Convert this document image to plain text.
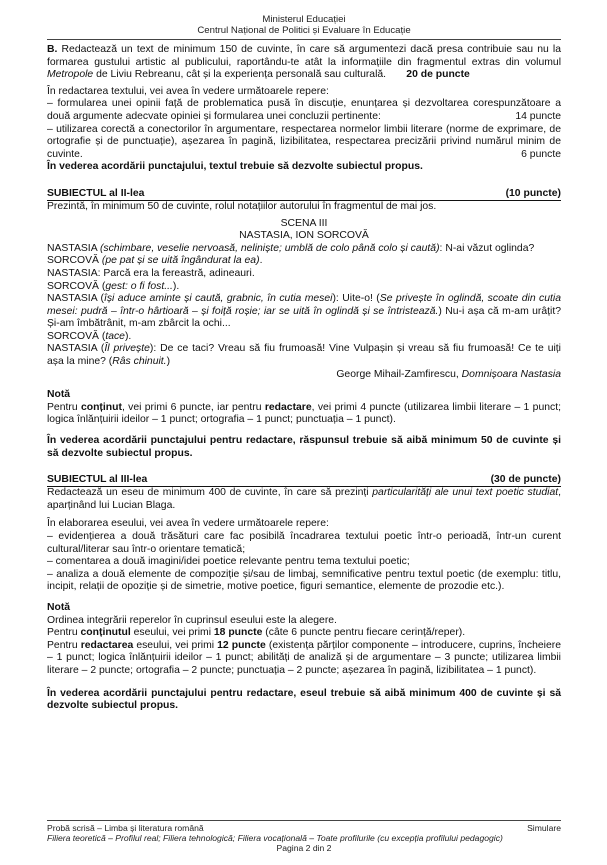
Ministerul Educației
Centrul Național de Politici și Evaluare în Educație

B. Redactează un text de minimum 150 de cuvinte, în care să argumentezi dacă presa contribuie sau nu la formarea gustului artistic al publicului, raportându-te atât la informațiile din fragmentul extras din volumul Metropole de Liviu Rebreanu, cât și la experiența personală sau culturală. 20 de puncte

În redactarea textului, vei avea în vedere următoarele repere:

– formularea unei opinii față de problematica pusă în discuție, enunțarea și dezvoltarea corespunzătoare a două argumente adecvate opiniei și formularea unei concluzii pertinente:	14 puncte

– utilizarea corectă a conectorilor în argumentare, respectarea normelor limbii literare (norme de exprimare, de ortografie și de punctuație), așezarea în pagină, lizibilitatea, respectarea precizării privind numărul minim de cuvinte.	6 puncte

În vederea acordării punctajului, textul trebuie să dezvolte subiectul propus.

SUBIECTUL al II-lea	(10 puncte)

Prezintă, în minimum 50 de cuvinte, rolul notațiilor autorului în fragmentul de mai jos.

SCENA III
NASTASIA, ION SORCOVĂ

NASTASIA (schimbare, veselie nervoasă, neliniște; umblă de colo până colo și caută): N-ai văzut oglinda?

SORCOVĂ (pe pat și se uită îngândurat la ea).

NASTASIA: Parcă era la fereastră, adineauri.

SORCOVĂ (gest: o fi fost...).

NASTASIA (își aduce aminte și caută, grabnic, în cutia mesei): Uite-o! (Se privește în oglindă, scoate din cutia mesei: pudră – într-o hârtioară – și foiță roșie; iar se uită în oglindă și se întristează.) Nu-i așa că m-am urâțit? Și-am îmbătrânit, m-am zbârcit la ochi...

SORCOVĂ (tace).

NASTASIA (Îl privește): De ce taci? Vreau să fiu frumoasă! Vine Vulpașin și vreau să fiu frumoasă! Ce te uiți așa la mine? (Râs chinuit.)

George Mihail-Zamfirescu, Domnișoara Nastasia
Notă

Pentru conținut, vei primi 6 puncte, iar pentru redactare, vei primi 4 puncte (utilizarea limbii literare – 1 punct; logica înlănțuirii ideilor – 1 punct; ortografia – 1 punct; punctuația – 1 punct).

În vederea acordării punctajului pentru redactare, răspunsul trebuie să aibă minimum 50 de cuvinte și să dezvolte subiectul propus.

SUBIECTUL al III-lea	(30 de puncte)

Redactează un eseu de minimum 400 de cuvinte, în care să prezinți particularități ale unui text poetic studiat, aparținând lui Lucian Blaga.

În elaborarea eseului, vei avea în vedere următoarele repere:

– evidențierea a două trăsături care fac posibilă încadrarea textului poetic într-o perioadă, într-un curent cultural/literar sau într-o orientare tematică;

– comentarea a două imagini/idei poetice relevante pentru tema textului poetic;

– analiza a două elemente de compoziție și/sau de limbaj, semnificative pentru textul poetic (de exemplu: titlu, incipit, relații de opoziție și de simetrie, motive poetice, figuri semantice, elemente de prozodie etc.).

Notă

Ordinea integrării reperelor în cuprinsul eseului este la alegere.

Pentru conținutul eseului, vei primi 18 puncte (câte 6 puncte pentru fiecare cerință/reper).

Pentru redactarea eseului, vei primi 12 puncte (existența părților componente – introducere, cuprins, încheiere – 1 punct; logica înlănțuirii ideilor – 1 punct; abilități de analiză și de argumentare – 3 puncte; utilizarea limbii literare – 2 puncte; ortografia – 2 puncte; punctuația – 2 puncte; așezarea în pagină, lizibilitatea – 1 punct).

În vederea acordării punctajului pentru redactare, eseul trebuie să aibă minimum 400 de cuvinte și să dezvolte subiectul propus.

Probă scrisă – Limba și literatura română	Simulare
Filiera teoretică – Profilul real; Filiera tehnologică; Filiera vocațională – Toate profilurile (cu excepția profilului pedagogic)
Pagina 2 din 2
